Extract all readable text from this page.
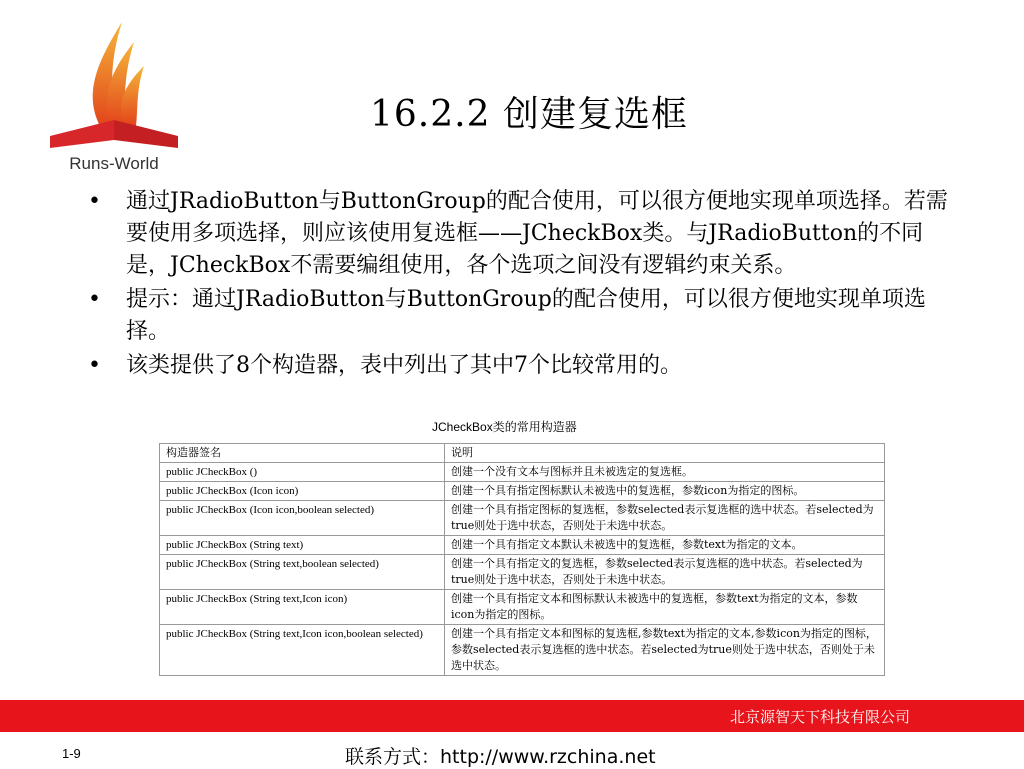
Runs-World
16.2.2 创建复选框
• 通过JRadioButton与ButtonGroup的配合使用，可以很方便地实现单项选择。若需要使用多项选择，则应该使用复选框——JCheckBox类。与JRadioButton的不同是，JCheckBox不需要编组使用，各个选项之间没有逻辑约束关系。
• 提示：通过JRadioButton与ButtonGroup的配合使用，可以很方便地实现单项选择。
• 该类提供了8个构造器，表中列出了其中7个比较常用的。
JCheckBox类的常用构造器
构造器签名	说明
public JCheckBox ()	创建一个没有文本与图标并且未被选定的复选框。
public JCheckBox (Icon icon)	创建一个具有指定图标默认未被选中的复选框，参数icon为指定的图标。
public JCheckBox (Icon icon,boolean selected)	创建一个具有指定图标的复选框，参数selected表示复选框的选中状态。若selected为true则处于选中状态，否则处于未选中状态。
public JCheckBox (String text)	创建一个具有指定文本默认未被选中的复选框，参数text为指定的文本。
public JCheckBox (String text,boolean selected)	创建一个具有指定文的复选框，参数selected表示复选框的选中状态。若selected为true则处于选中状态，否则处于未选中状态。
public JCheckBox (String text,Icon icon)	创建一个具有指定文本和图标默认未被选中的复选框，参数text为指定的文本，参数icon为指定的图标。
public JCheckBox (String text,Icon icon,boolean selected)	创建一个具有指定文本和图标的复选框,参数text为指定的文本,参数icon为指定的图标，参数selected表示复选框的选中状态。若selected为true则处于选中状态，否则处于未选中状态。
北京源智天下科技有限公司
1-9	联系方式：http://www.rzchina.net
